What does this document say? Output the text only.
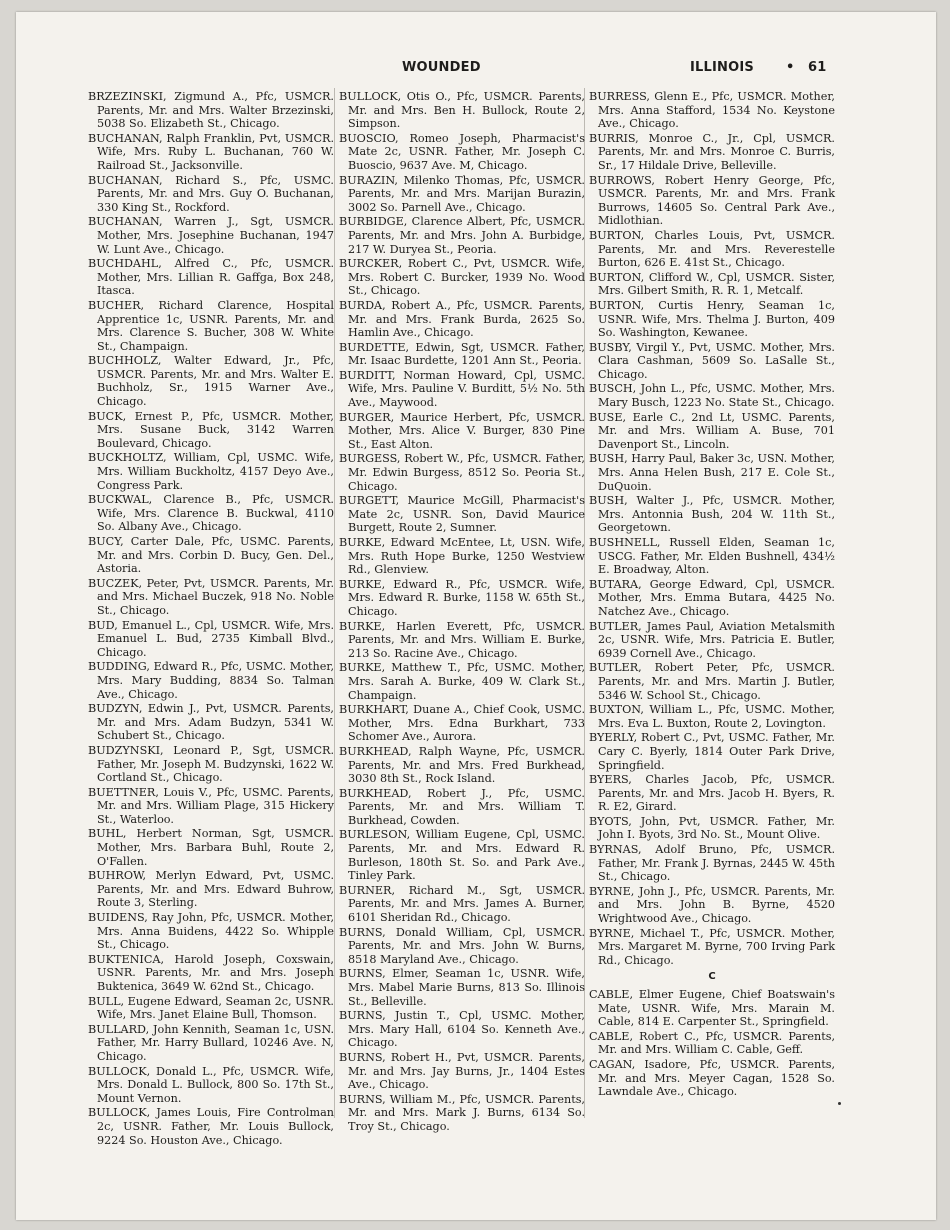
WOUNDED	ILLINOIS • 61

BRZEZINSKI, Zigmund A., Pfc, USMCR. Parents, Mr. and Mrs. Walter Brzezinski, 5038 So. Elizabeth St., Chicago.

BUCHANAN, Ralph Franklin, Pvt, USMCR. Wife, Mrs. Ruby L. Buchanan, 760 W. Railroad St., Jacksonville.

BUCHANAN, Richard S., Pfc, USMC. Parents, Mr. and Mrs. Guy O. Buchanan, 330 King St., Rockford.

BUCHANAN, Warren J., Sgt, USMCR. Mother, Mrs. Josephine Buchanan, 1947 W. Lunt Ave., Chicago.

BUCHDAHL, Alfred C., Pfc, USMCR. Mother, Mrs. Lillian R. Gaffga, Box 248, Itasca.

BUCHER, Richard Clarence, Hospital Apprentice 1c, USNR. Parents, Mr. and Mrs. Clarence S. Bucher, 308 W. White St., Champaign.

BUCHHOLZ, Walter Edward, Jr., Pfc, USMCR. Parents, Mr. and Mrs. Walter E. Buchholz, Sr., 1915 Warner Ave., Chicago.

BUCK, Ernest P., Pfc, USMCR. Mother, Mrs. Susane Buck, 3142 Warren Boulevard, Chicago.

BUCKHOLTZ, William, Cpl, USMC. Wife, Mrs. William Buckholtz, 4157 Deyo Ave., Congress Park.

BUCKWAL, Clarence B., Pfc, USMCR. Wife, Mrs. Clarence B. Buckwal, 4110 So. Albany Ave., Chicago.

BUCY, Carter Dale, Pfc, USMC. Parents, Mr. and Mrs. Corbin D. Bucy, Gen. Del., Astoria.

BUCZEK, Peter, Pvt, USMCR. Parents, Mr. and Mrs. Michael Buczek, 918 No. Noble St., Chicago.

BUD, Emanuel L., Cpl, USMCR. Wife, Mrs. Emanuel L. Bud, 2735 Kimball Blvd., Chicago.

BUDDING, Edward R., Pfc, USMC. Mother, Mrs. Mary Budding, 8834 So. Talman Ave., Chicago.

BUDZYN, Edwin J., Pvt, USMCR. Parents, Mr. and Mrs. Adam Budzyn, 5341 W. Schubert St., Chicago.

BUDZYNSKI, Leonard P., Sgt, USMCR. Father, Mr. Joseph M. Budzynski, 1622 W. Cortland St., Chicago.

BUETTNER, Louis V., Pfc, USMC. Parents, Mr. and Mrs. William Plage, 315 Hickery St., Waterloo.

BUHL, Herbert Norman, Sgt, USMCR. Mother, Mrs. Barbara Buhl, Route 2, O'Fallen.

BUHROW, Merlyn Edward, Pvt, USMC. Parents, Mr. and Mrs. Edward Buhrow, Route 3, Sterling.

BUIDENS, Ray John, Pfc, USMCR. Mother, Mrs. Anna Buidens, 4422 So. Whipple St., Chicago.

BUKTENICA, Harold Joseph, Coxswain, USNR. Parents, Mr. and Mrs. Joseph Buktenica, 3649 W. 62nd St., Chicago.

BULL, Eugene Edward, Seaman 2c, USNR. Wife, Mrs. Janet Elaine Bull, Thomson.

BULLARD, John Kennith, Seaman 1c, USN. Father, Mr. Harry Bullard, 10246 Ave. N, Chicago.

BULLOCK, Donald L., Pfc, USMCR. Wife, Mrs. Donald L. Bullock, 800 So. 17th St., Mount Vernon.

BULLOCK, James Louis, Fire Controlman 2c, USNR. Father, Mr. Louis Bullock, 9224 So. Houston Ave., Chicago.

BULLOCK, Otis O., Pfc, USMCR. Parents, Mr. and Mrs. Ben H. Bullock, Route 2, Simpson.

BUOSCIO, Romeo Joseph, Pharmacist's Mate 2c, USNR. Father, Mr. Joseph C. Buoscio, 9637 Ave. M, Chicago.

BURAZIN, Milenko Thomas, Pfc, USMCR. Parents, Mr. and Mrs. Marijan Burazin, 3002 So. Parnell Ave., Chicago.

BURBIDGE, Clarence Albert, Pfc, USMCR. Parents, Mr. and Mrs. John A. Burbidge, 217 W. Duryea St., Peoria.

BURCKER, Robert C., Pvt, USMCR. Wife, Mrs. Robert C. Burcker, 1939 No. Wood St., Chicago.

BURDA, Robert A., Pfc, USMCR. Parents, Mr. and Mrs. Frank Burda, 2625 So. Hamlin Ave., Chicago.

BURDETTE, Edwin, Sgt, USMCR. Father, Mr. Isaac Burdette, 1201 Ann St., Peoria.

BURDITT, Norman Howard, Cpl, USMC. Wife, Mrs. Pauline V. Burditt, 5½ No. 5th Ave., Maywood.

BURGER, Maurice Herbert, Pfc, USMCR. Mother, Mrs. Alice V. Burger, 830 Pine St., East Alton.

BURGESS, Robert W., Pfc, USMCR. Father, Mr. Edwin Burgess, 8512 So. Peoria St., Chicago.

BURGETT, Maurice McGill, Pharmacist's Mate 2c, USNR. Son, David Maurice Burgett, Route 2, Sumner.

BURKE, Edward McEntee, Lt, USN. Wife, Mrs. Ruth Hope Burke, 1250 Westview Rd., Glenview.

BURKE, Edward R., Pfc, USMCR. Wife, Mrs. Edward R. Burke, 1158 W. 65th St., Chicago.

BURKE, Harlen Everett, Pfc, USMCR. Parents, Mr. and Mrs. William E. Burke, 213 So. Racine Ave., Chicago.

BURKE, Matthew T., Pfc, USMC. Mother, Mrs. Sarah A. Burke, 409 W. Clark St., Champaign.

BURKHART, Duane A., Chief Cook, USMC. Mother, Mrs. Edna Burkhart, 733 Schomer Ave., Aurora.

BURKHEAD, Ralph Wayne, Pfc, USMCR. Parents, Mr. and Mrs. Fred Burkhead, 3030 8th St., Rock Island.

BURKHEAD, Robert J., Pfc, USMC. Parents, Mr. and Mrs. William T. Burkhead, Cowden.

BURLESON, William Eugene, Cpl, USMC. Parents, Mr. and Mrs. Edward R. Burleson, 180th St. So. and Park Ave., Tinley Park.

BURNER, Richard M., Sgt, USMCR. Parents, Mr. and Mrs. James A. Burner, 6101 Sheridan Rd., Chicago.

BURNS, Donald William, Cpl, USMCR. Parents, Mr. and Mrs. John W. Burns, 8518 Maryland Ave., Chicago.

BURNS, Elmer, Seaman 1c, USNR. Wife, Mrs. Mabel Marie Burns, 813 So. Illinois St., Belleville.

BURNS, Justin T., Cpl, USMC. Mother, Mrs. Mary Hall, 6104 So. Kenneth Ave., Chicago.

BURNS, Robert H., Pvt, USMCR. Parents, Mr. and Mrs. Jay Burns, Jr., 1404 Estes Ave., Chicago.

BURNS, William M., Pfc, USMCR. Parents, Mr. and Mrs. Mark J. Burns, 6134 So. Troy St., Chicago.

BURRESS, Glenn E., Pfc, USMCR. Mother, Mrs. Anna Stafford, 1534 No. Keystone Ave., Chicago.

BURRIS, Monroe C., Jr., Cpl, USMCR. Parents, Mr. and Mrs. Monroe C. Burris, Sr., 17 Hildale Drive, Belleville.

BURROWS, Robert Henry George, Pfc, USMCR. Parents, Mr. and Mrs. Frank Burrows, 14605 So. Central Park Ave., Midlothian.

BURTON, Charles Louis, Pvt, USMCR. Parents, Mr. and Mrs. Reverestelle Burton, 626 E. 41st St., Chicago.

BURTON, Clifford W., Cpl, USMCR. Sister, Mrs. Gilbert Smith, R. R. 1, Metcalf.

BURTON, Curtis Henry, Seaman 1c, USNR. Wife, Mrs. Thelma J. Burton, 409 So. Washington, Kewanee.

BUSBY, Virgil Y., Pvt, USMC. Mother, Mrs. Clara Cashman, 5609 So. LaSalle St., Chicago.

BUSCH, John L., Pfc, USMC. Mother, Mrs. Mary Busch, 1223 No. State St., Chicago.

BUSE, Earle C., 2nd Lt, USMC. Parents, Mr. and Mrs. William A. Buse, 701 Davenport St., Lincoln.

BUSH, Harry Paul, Baker 3c, USN. Mother, Mrs. Anna Helen Bush, 217 E. Cole St., DuQuoin.

BUSH, Walter J., Pfc, USMCR. Mother, Mrs. Antonnia Bush, 204 W. 11th St., Georgetown.

BUSHNELL, Russell Elden, Seaman 1c, USCG. Father, Mr. Elden Bushnell, 434½ E. Broadway, Alton.

BUTARA, George Edward, Cpl, USMCR. Mother, Mrs. Emma Butara, 4425 No. Natchez Ave., Chicago.

BUTLER, James Paul, Aviation Metalsmith 2c, USNR. Wife, Mrs. Patricia E. Butler, 6939 Cornell Ave., Chicago.

BUTLER, Robert Peter, Pfc, USMCR. Parents, Mr. and Mrs. Martin J. Butler, 5346 W. School St., Chicago.

BUXTON, William L., Pfc, USMC. Mother, Mrs. Eva L. Buxton, Route 2, Lovington.

BYERLY, Robert C., Pvt, USMC. Father, Mr. Cary C. Byerly, 1814 Outer Park Drive, Springfield.

BYERS, Charles Jacob, Pfc, USMCR. Parents, Mr. and Mrs. Jacob H. Byers, R. R. E2, Girard.

BYOTS, John, Pvt, USMCR. Father, Mr. John I. Byots, 3rd No. St., Mount Olive.

BYRNAS, Adolf Bruno, Pfc, USMCR. Father, Mr. Frank J. Byrnas, 2445 W. 45th St., Chicago.

BYRNE, John J., Pfc, USMCR. Parents, Mr. and Mrs. John B. Byrne, 4520 Wrightwood Ave., Chicago.

BYRNE, Michael T., Pfc, USMCR. Mother, Mrs. Margaret M. Byrne, 700 Irving Park Rd., Chicago.

C

CABLE, Elmer Eugene, Chief Boatswain's Mate, USNR. Wife, Mrs. Marain M. Cable, 814 E. Carpenter St., Springfield.

CABLE, Robert C., Pfc, USMCR. Parents, Mr. and Mrs. William C. Cable, Geff.

CAGAN, Isadore, Pfc, USMCR. Parents, Mr. and Mrs. Meyer Cagan, 1528 So. Lawndale Ave., Chicago.
